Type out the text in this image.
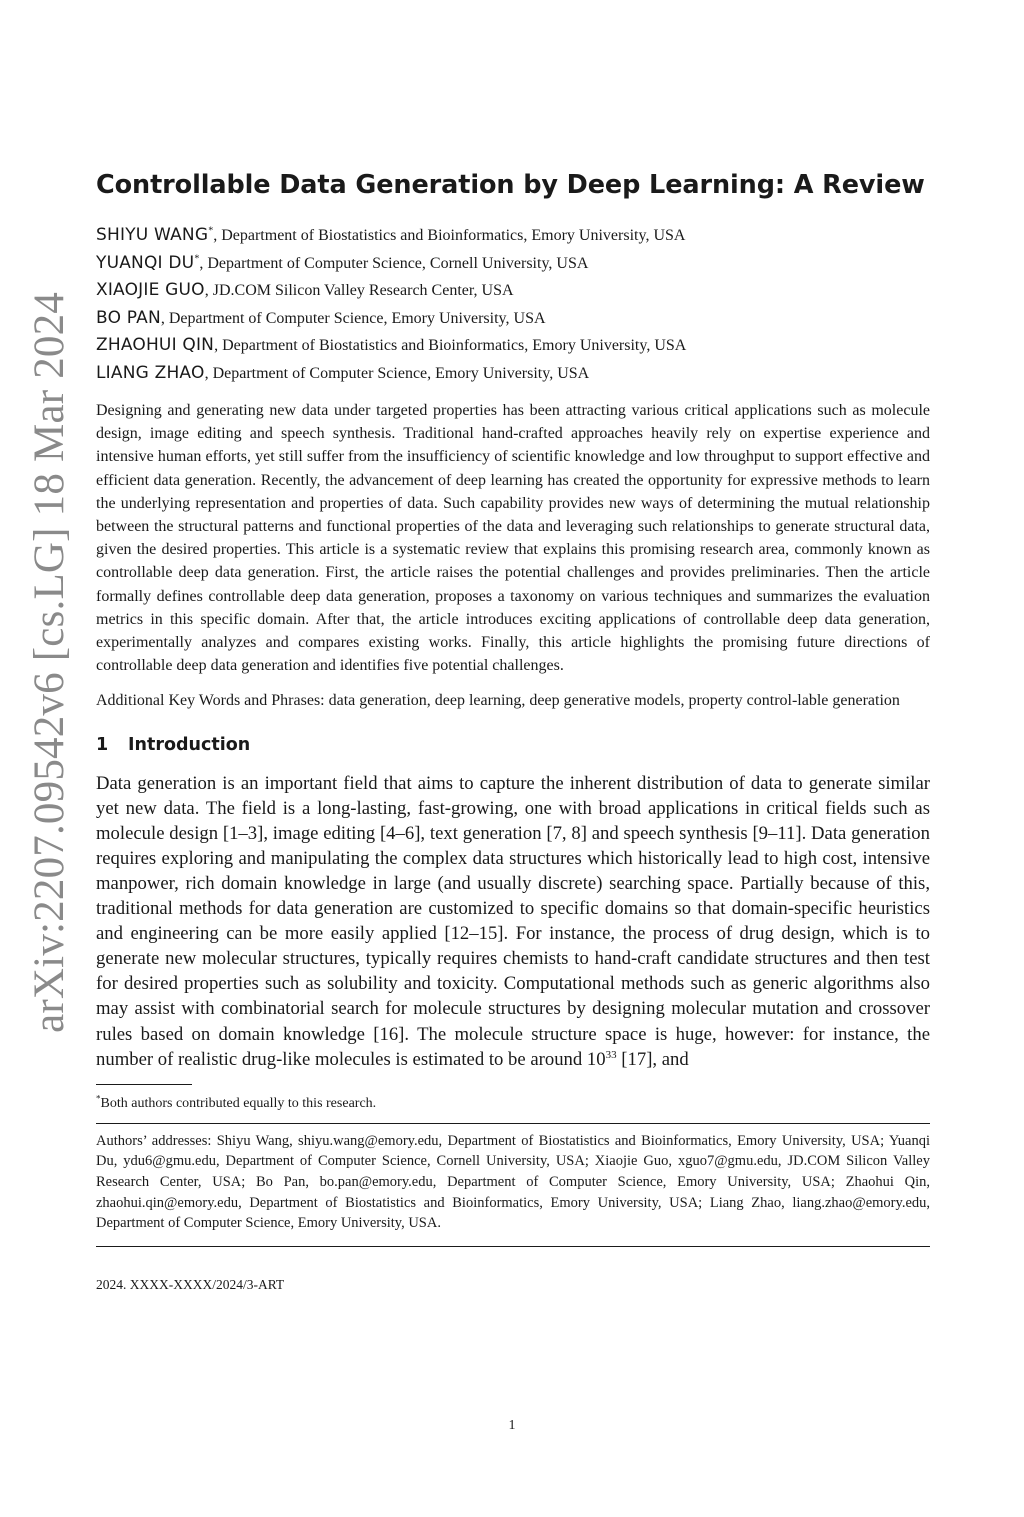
arXiv:2207.09542v6 [cs.LG] 18 Mar 2024
Controllable Data Generation by Deep Learning: A Review
SHIYU WANG*, Department of Biostatistics and Bioinformatics, Emory University, USA
YUANQI DU*, Department of Computer Science, Cornell University, USA
XIAOJIE GUO, JD.COM Silicon Valley Research Center, USA
BO PAN, Department of Computer Science, Emory University, USA
ZHAOHUI QIN, Department of Biostatistics and Bioinformatics, Emory University, USA
LIANG ZHAO, Department of Computer Science, Emory University, USA

Designing and generating new data under targeted properties has been attracting various critical applications such as molecule design, image editing and speech synthesis. Traditional hand-crafted approaches heavily rely on expertise experience and intensive human efforts, yet still suffer from the insufficiency of scientific knowledge and low throughput to support effective and efficient data generation. Recently, the advancement of deep learning has created the opportunity for expressive methods to learn the underlying representation and properties of data. Such capability provides new ways of determining the mutual relationship between the structural patterns and functional properties of the data and leveraging such relationships to generate structural data, given the desired properties. This article is a systematic review that explains this promising research area, commonly known as controllable deep data generation. First, the article raises the potential challenges and provides preliminaries. Then the article formally defines controllable deep data generation, proposes a taxonomy on various techniques and summarizes the evaluation metrics in this specific domain. After that, the article introduces exciting applications of controllable deep data generation, experimentally analyzes and compares existing works. Finally, this article highlights the promising future directions of controllable deep data generation and identifies five potential challenges.

Additional Key Words and Phrases: data generation, deep learning, deep generative models, property control-lable generation

1 Introduction

Data generation is an important field that aims to capture the inherent distribution of data to generate similar yet new data. The field is a long-lasting, fast-growing, one with broad applications in critical fields such as molecule design [1–3], image editing [4–6], text generation [7, 8] and speech synthesis [9–11]. Data generation requires exploring and manipulating the complex data structures which historically lead to high cost, intensive manpower, rich domain knowledge in large (and usually discrete) searching space. Partially because of this, traditional methods for data generation are customized to specific domains so that domain-specific heuristics and engineering can be more easily applied [12–15]. For instance, the process of drug design, which is to generate new molecular structures, typically requires chemists to hand-craft candidate structures and then test for desired properties such as solubility and toxicity. Computational methods such as generic algorithms also may assist with combinatorial search for molecule structures by designing molecular mutation and crossover rules based on domain knowledge [16]. The molecule structure space is huge, however: for instance, the number of realistic drug-like molecules is estimated to be around $10^{33}$ [17], and

*Both authors contributed equally to this research.

Authors’ addresses: Shiyu Wang, shiyu.wang@emory.edu, Department of Biostatistics and Bioinformatics, Emory University, USA; Yuanqi Du, ydu6@gmu.edu, Department of Computer Science, Cornell University, USA; Xiaojie Guo, xguo7@gmu.edu, JD.COM Silicon Valley Research Center, USA; Bo Pan, bo.pan@emory.edu, Department of Computer Science, Emory University, USA; Zhaohui Qin, zhaohui.qin@emory.edu, Department of Biostatistics and Bioinformatics, Emory University, USA; Liang Zhao, liang.zhao@emory.edu, Department of Computer Science, Emory University, USA.

2024. XXXX-XXXX/2024/3-ART
1
